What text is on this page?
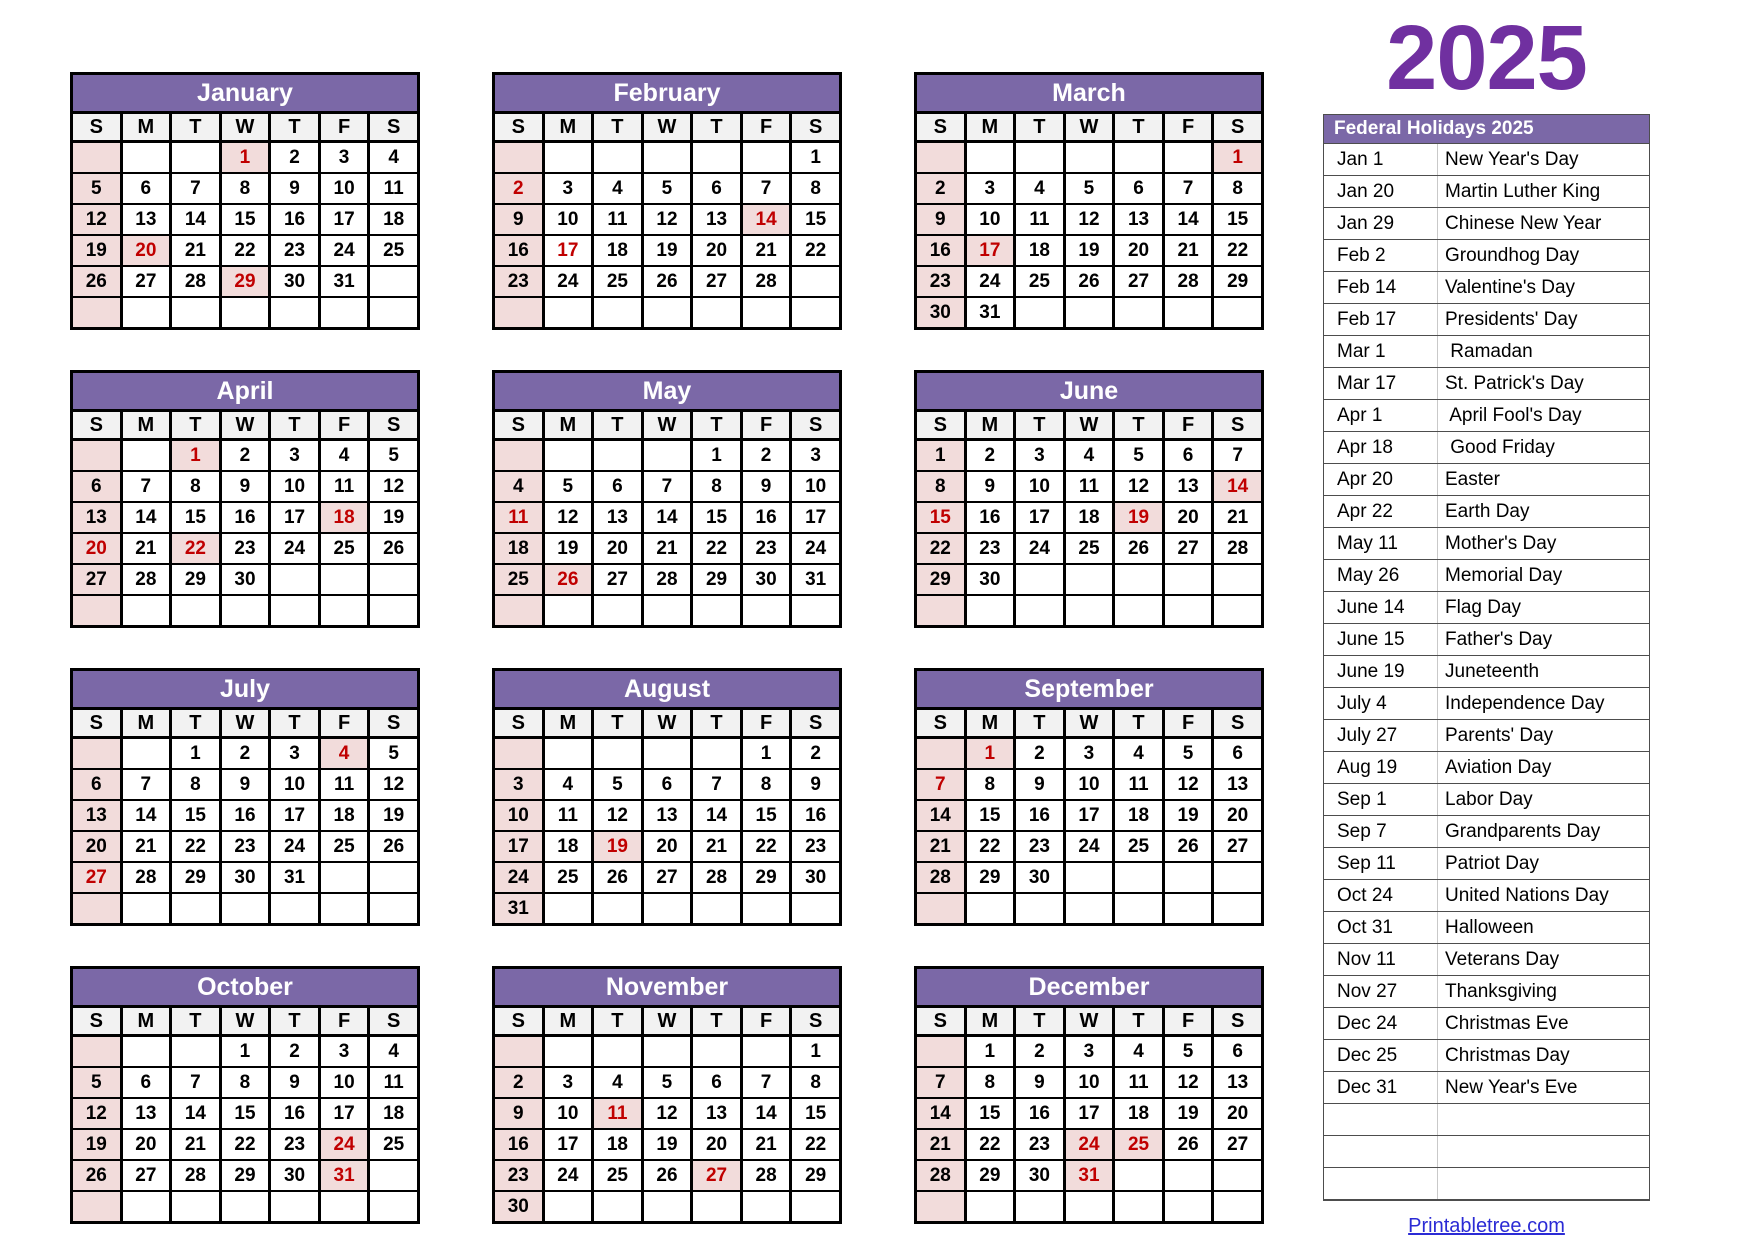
January						
S	M	T	W	T	F	S
			1	2	3	4
5	6	7	8	9	10	11
12	13	14	15	16	17	18
19	20	21	22	23	24	25
26	27	28	29	30	31	

February						
S	M	T	W	T	F	S
						1
2	3	4	5	6	7	8
9	10	11	12	13	14	15
16	17	18	19	20	21	22
23	24	25	26	27	28	

March						
S	M	T	W	T	F	S
						1
2	3	4	5	6	7	8
9	10	11	12	13	14	15
16	17	18	19	20	21	22
23	24	25	26	27	28	29
30	31					
April						
S	M	T	W	T	F	S
		1	2	3	4	5
6	7	8	9	10	11	12
13	14	15	16	17	18	19
20	21	22	23	24	25	26
27	28	29	30			

May						
S	M	T	W	T	F	S
				1	2	3
4	5	6	7	8	9	10
11	12	13	14	15	16	17
18	19	20	21	22	23	24
25	26	27	28	29	30	31

June						
S	M	T	W	T	F	S
1	2	3	4	5	6	7
8	9	10	11	12	13	14
15	16	17	18	19	20	21
22	23	24	25	26	27	28
29	30					

July						
S	M	T	W	T	F	S
		1	2	3	4	5
6	7	8	9	10	11	12
13	14	15	16	17	18	19
20	21	22	23	24	25	26
27	28	29	30	31		

August						
S	M	T	W	T	F	S
					1	2
3	4	5	6	7	8	9
10	11	12	13	14	15	16
17	18	19	20	21	22	23
24	25	26	27	28	29	30
31						
September						
S	M	T	W	T	F	S
	1	2	3	4	5	6
7	8	9	10	11	12	13
14	15	16	17	18	19	20
21	22	23	24	25	26	27
28	29	30				

October						
S	M	T	W	T	F	S
			1	2	3	4
5	6	7	8	9	10	11
12	13	14	15	16	17	18
19	20	21	22	23	24	25
26	27	28	29	30	31	

November						
S	M	T	W	T	F	S
						1
2	3	4	5	6	7	8
9	10	11	12	13	14	15
16	17	18	19	20	21	22
23	24	25	26	27	28	29
30						
December						
S	M	T	W	T	F	S
	1	2	3	4	5	6
7	8	9	10	11	12	13
14	15	16	17	18	19	20
21	22	23	24	25	26	27
28	29	30	31			

2025
Federal Holidays 2025
Jan 1	New Year's Day
Jan 20	Martin Luther King
Jan 29	Chinese New Year
Feb 2	Groundhog Day
Feb 14	Valentine's Day
Feb 17	Presidents' Day
Mar 1	Ramadan
Mar 17	St. Patrick's Day
Apr 1	April Fool's Day
Apr 18	Good Friday
Apr 20	Easter
Apr 22	Earth Day
May 11	Mother's Day
May 26	Memorial Day
June 14	Flag Day
June 15	Father's Day
June 19	Juneteenth
July 4	Independence Day
July 27	Parents' Day
Aug 19	Aviation Day
Sep 1	Labor Day
Sep 7	Grandparents Day
Sep 11	Patriot Day
Oct 24	United Nations Day
Oct 31	Halloween
Nov 11	Veterans Day
Nov 27	Thanksgiving
Dec 24	Christmas Eve
Dec 25	Christmas Day
Dec 31	New Year's Eve
Printabletree.com
